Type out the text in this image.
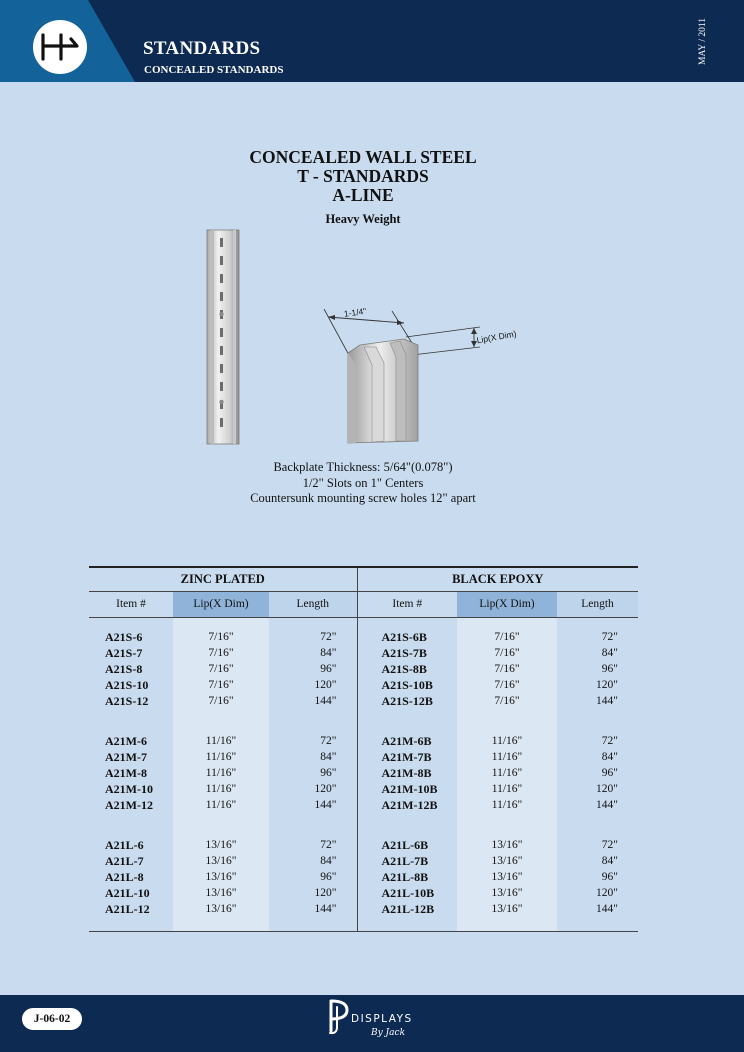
STANDARDS
CONCEALED STANDARDS
MAY / 2011
CONCEALED WALL STEEL
T - STANDARDS
A-LINE
Heavy Weight
1-1/4"
Lip(X Dim)
Backplate Thickness: 5/64"(0.078")
1/2" Slots on 1" Centers
Countersunk mounting screw holes 12" apart
ZINC PLATED			BLACK EPOXY		
Item #	Lip(X Dim)	Length	Item #	Lip(X Dim)	Length

A21S-6	7/16"	72"	A21S-6B	7/16"	72"
A21S-7	7/16"	84"	A21S-7B	7/16"	84"
A21S-8	7/16"	96"	A21S-8B	7/16"	96"
A21S-10	7/16"	120"	A21S-10B	7/16"	120"
A21S-12	7/16"	144"	A21S-12B	7/16"	144"

A21M-6	11/16"	72"	A21M-6B	11/16"	72"
A21M-7	11/16"	84"	A21M-7B	11/16"	84"
A21M-8	11/16"	96"	A21M-8B	11/16"	96"
A21M-10	11/16"	120"	A21M-10B	11/16"	120"
A21M-12	11/16"	144"	A21M-12B	11/16"	144"

A21L-6	13/16"	72"	A21L-6B	13/16"	72"
A21L-7	13/16"	84"	A21L-7B	13/16"	84"
A21L-8	13/16"	96"	A21L-8B	13/16"	96"
A21L-10	13/16"	120"	A21L-10B	13/16"	120"
A21L-12	13/16"	144"	A21L-12B	13/16"	144"

J-06-02	DISPLAYS
By Jack
